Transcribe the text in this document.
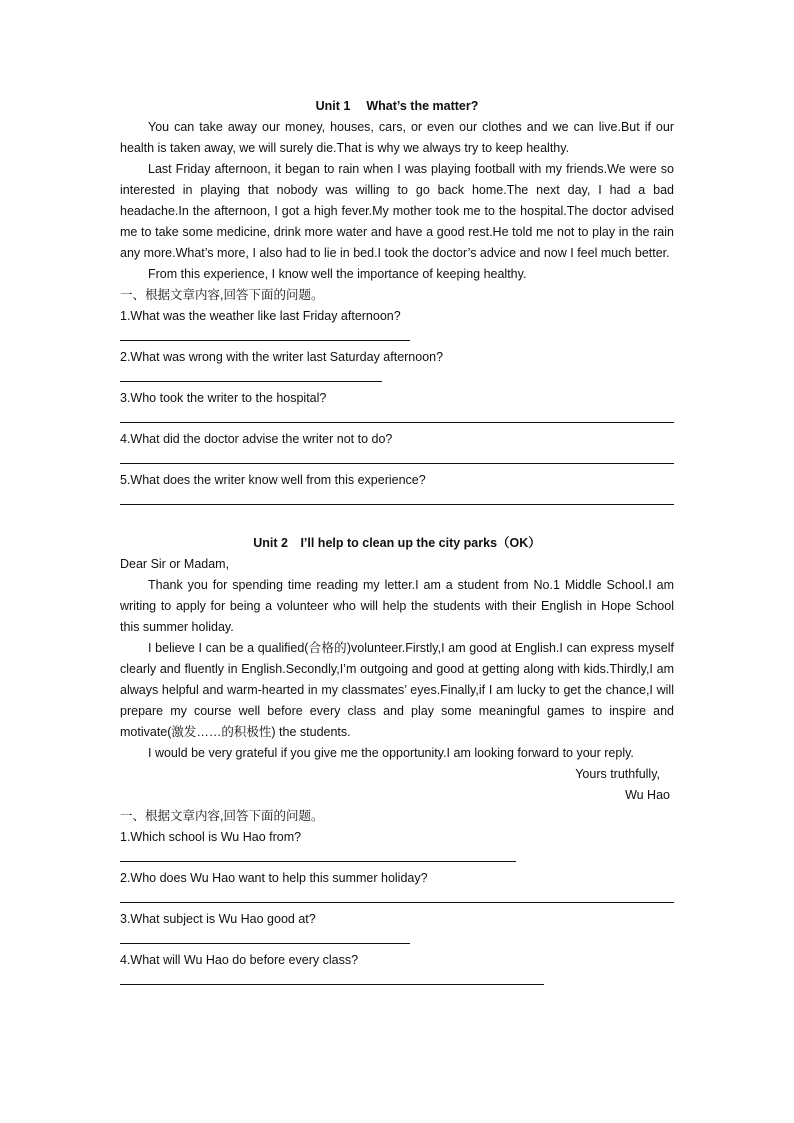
Unit 1　 What’s the matter?

You can take away our money, houses, cars, or even our clothes and we can live.But if our health is taken away, we will surely die.That is why we always try to keep healthy.

Last Friday afternoon, it began to rain when I was playing football with my friends.We were so interested in playing that nobody was willing to go back home.The next day, I had a bad headache.In the afternoon, I got a high fever.My mother took me to the hospital.The doctor advised me to take some medicine, drink more water and have a good rest.He told me not to play in the rain any more.What’s more, I also had to lie in bed.I took the doctor’s advice and now I feel much better.

From this experience, I know well the importance of keeping healthy.

一、根据文章内容,回答下面的问题。
1.What was the weather like last Friday afternoon?
2.What was wrong with the writer last Saturday afternoon?
3.Who took the writer to the hospital?
4.What did the doctor advise the writer not to do?
5.What does the writer know well from this experience?
Unit 2　I’ll help to clean up the city parks（OK）
Dear Sir or Madam,

Thank you for spending time reading my letter.I am a student from No.1 Middle School.I am writing to apply for being a volunteer who will help the students with their English in Hope School this summer holiday.

I believe I can be a qualified(合格的)volunteer.Firstly,I am good at English.I can express myself clearly and fluently in English.Secondly,I’m outgoing and good at getting along with kids.Thirdly,I am always helpful and warm-hearted in my classmates’ eyes.Finally,if I am lucky to get the chance,I will prepare my course well before every class and play some meaningful games to inspire and motivate(激发……的积极性) the students.

I would be very grateful if you give me the opportunity.I am looking forward to your reply.

Yours truthfully,
Wu Hao
一、根据文章内容,回答下面的问题。
1.Which school is Wu Hao from?
2.Who does Wu Hao want to help this summer holiday?
3.What subject is Wu Hao good at?
4.What will Wu Hao do before every class?
